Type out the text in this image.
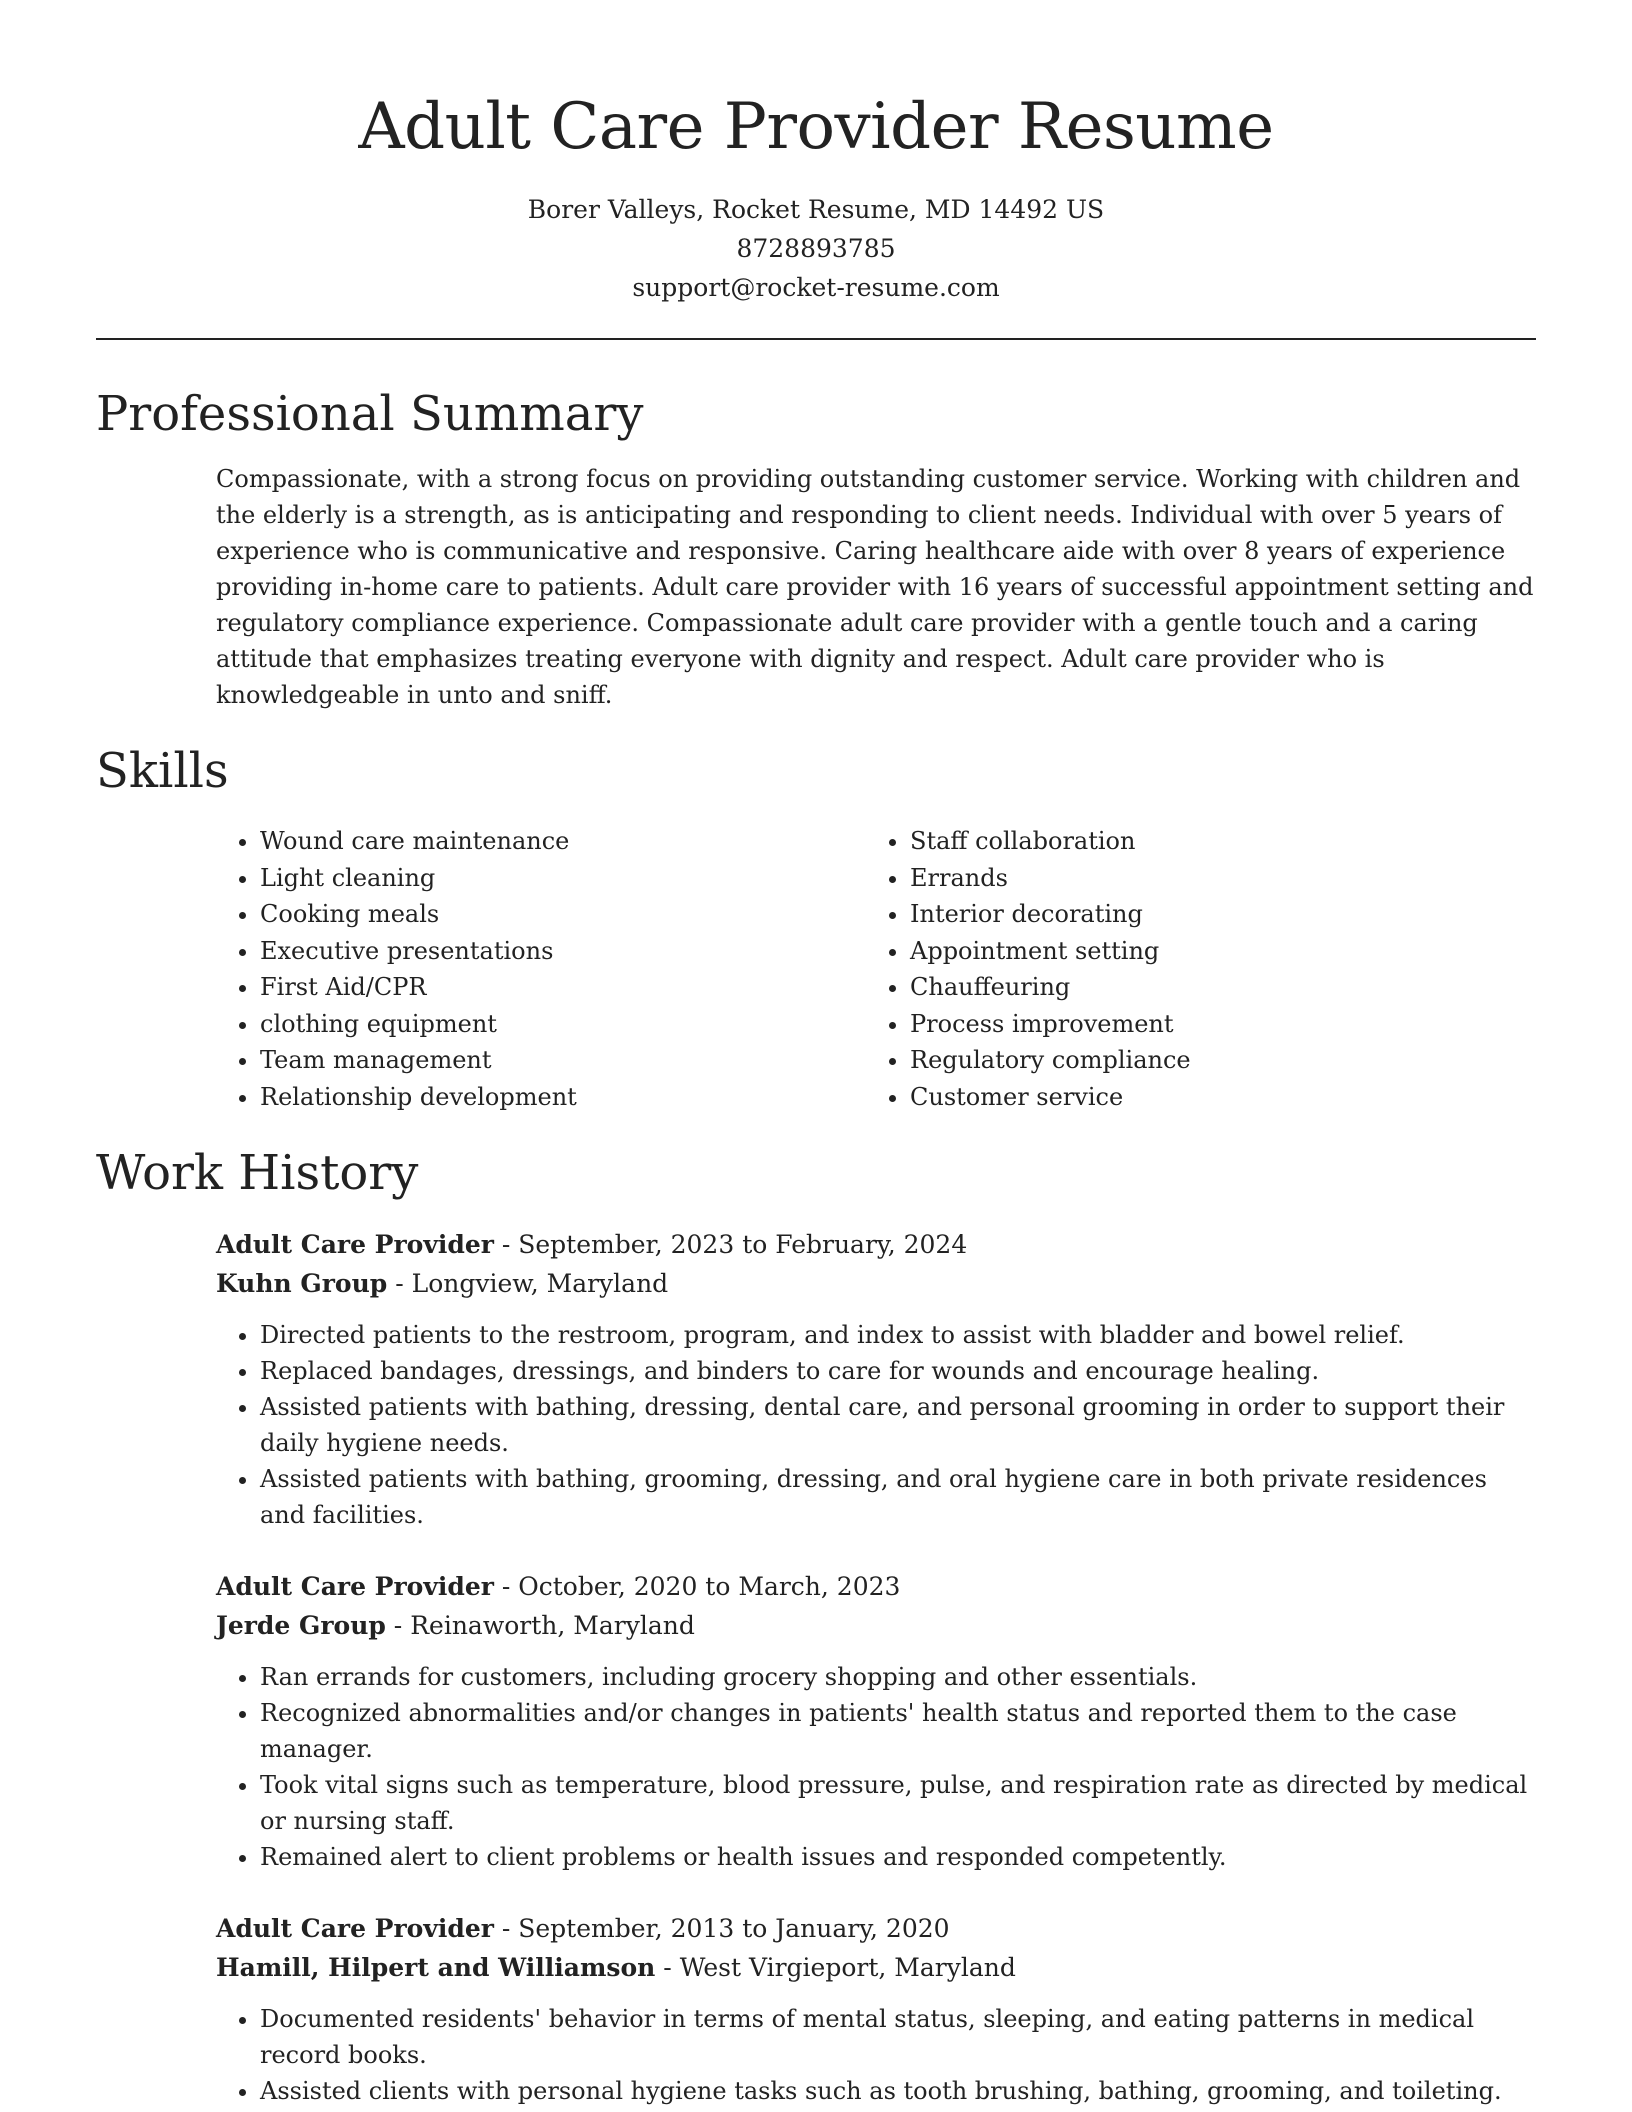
Adult Care Provider Resume
Borer Valleys, Rocket Resume, MD 14492 US
8728893785
support@rocket-resume.com
Professional Summary

Compassionate, with a strong focus on providing outstanding customer service. Working with children and the elderly is a strength, as is anticipating and responding to client needs. Individual with over 5 years of experience who is communicative and responsive. Caring healthcare aide with over 8 years of experience providing in-home care to patients. Adult care provider with 16 years of successful appointment setting and regulatory compliance experience. Compassionate adult care provider with a gentle touch and a caring attitude that emphasizes treating everyone with dignity and respect. Adult care provider who is knowledgeable in unto and sniff.

Skills
• Wound care maintenance
• Light cleaning
• Cooking meals
• Executive presentations
• First Aid/CPR
• clothing equipment
• Team management
• Relationship development
• Staff collaboration
• Errands
• Interior decorating
• Appointment setting
• Chauffeuring
• Process improvement
• Regulatory compliance
• Customer service
Work History
Adult Care Provider - September, 2023 to February, 2024
Kuhn Group - Longview, Maryland
• Directed patients to the restroom, program, and index to assist with bladder and bowel relief.
• Replaced bandages, dressings, and binders to care for wounds and encourage healing.
• Assisted patients with bathing, dressing, dental care, and personal grooming in order to support their daily hygiene needs.
• Assisted patients with bathing, grooming, dressing, and oral hygiene care in both private residences and facilities.
Adult Care Provider - October, 2020 to March, 2023
Jerde Group - Reinaworth, Maryland
• Ran errands for customers, including grocery shopping and other essentials.
• Recognized abnormalities and/or changes in patients' health status and reported them to the case manager.
• Took vital signs such as temperature, blood pressure, pulse, and respiration rate as directed by medical or nursing staff.
• Remained alert to client problems or health issues and responded competently.
Adult Care Provider - September, 2013 to January, 2020
Hamill, Hilpert and Williamson - West Virgieport, Maryland
• Documented residents' behavior in terms of mental status, sleeping, and eating patterns in medical record books.
• Assisted clients with personal hygiene tasks such as tooth brushing, bathing, grooming, and toileting.
